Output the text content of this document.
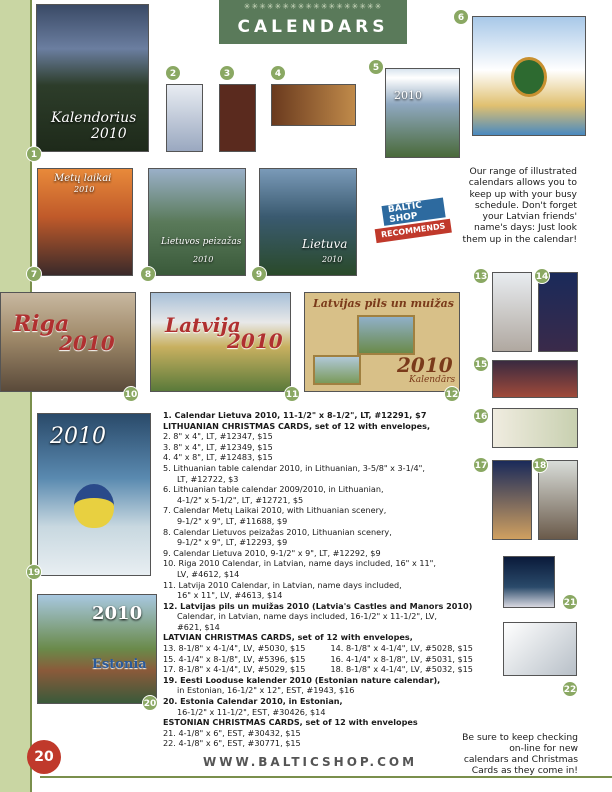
✳✳✳✳✳✳✳✳✳✳✳✳✳✳✳✳✳✳
CALENDARS
Kalendorius
2010
1
2	3	4
2010
5
6
Metų laikai
2010
7
Lietuvos peizažas
2010
8
Lietuva
2010
9
BALTIC
SHOP
RECOMMENDS
Our range of illustrated calendars allows you to keep up with your busy schedule. Don't forget your Latvian friends' name's days: Just look them up in the calendar!
Riga
2010
10
Latvija
2010
11
Latvijas pils un muižas
2010
Kalendārs
12
13	14
15
16
17	18
2010
19
2010
Estonia
20
21
22
1. Calendar Lietuva 2010, 11-1/2" x 8-1/2", LT, #12291, $7
LITHUANIAN CHRISTMAS CARDS, set of 12 with envelopes,
2. 8" x 4", LT, #12347, $15
3. 8" x 4", LT, #12349, $15
4. 4" x 8", LT, #12483, $15
5. Lithuanian table calendar 2010, in Lithuanian, 3-5/8" x 3-1/4",
LT, #12722, $3
6. Lithuanian table calendar 2009/2010, in Lithuanian,
4-1/2" x 5-1/2", LT, #12721, $5
7. Calendar Metų Laikai 2010, with Lithuanian scenery,
9-1/2" x 9", LT, #11688, $9
8. Calendar Lietuvos peizažas 2010, Lithuanian scenery,
9-1/2" x 9", LT, #12293, $9
9. Calendar Lietuva 2010, 9-1/2" x 9", LT, #12292, $9
10. Riga 2010 Calendar, in Latvian, name days included, 16" x 11",
LV, #4612, $14
11. Latvija 2010 Calendar, in Latvian, name days included,
16" x 11", LV, #4613, $14
12. Latvijas pils un muižas 2010 (Latvia's Castles and Manors 2010)
Calendar, in Latvian, name days included, 16-1/2" x 11-1/2", LV,
#621, $14
LATVIAN CHRISTMAS CARDS, set of 12 with envelopes,
13. 8-1/8" x 4-1/4", LV, #5030, $15	14. 8-1/8" x 4-1/4", LV, #5028, $15
15. 4-1/4" x 8-1/8", LV, #5396, $15	16. 4-1/4" x 8-1/8", LV, #5031, $15
17. 8-1/8" x 4-1/4", LV, #5029, $15	18. 8-1/8" x 4-1/4", LV, #5032, $15
19. Eesti Looduse kalender 2010 (Estonian nature calendar),
in Estonian, 16-1/2" x 12", EST, #1943, $16
20. Estonia Calendar 2010, in Estonian,
16-1/2" x 11-1/2", EST, #30426, $14
ESTONIAN CHRISTMAS CARDS, set of 12 with envelopes
21. 4-1/8" x 6", EST, #30432, $15
22. 4-1/8" x 6", EST, #30771, $15
Be sure to keep checking on-line for new calendars and Christmas Cards as they come in!
WWW.BALTICSHOP.COM
20
